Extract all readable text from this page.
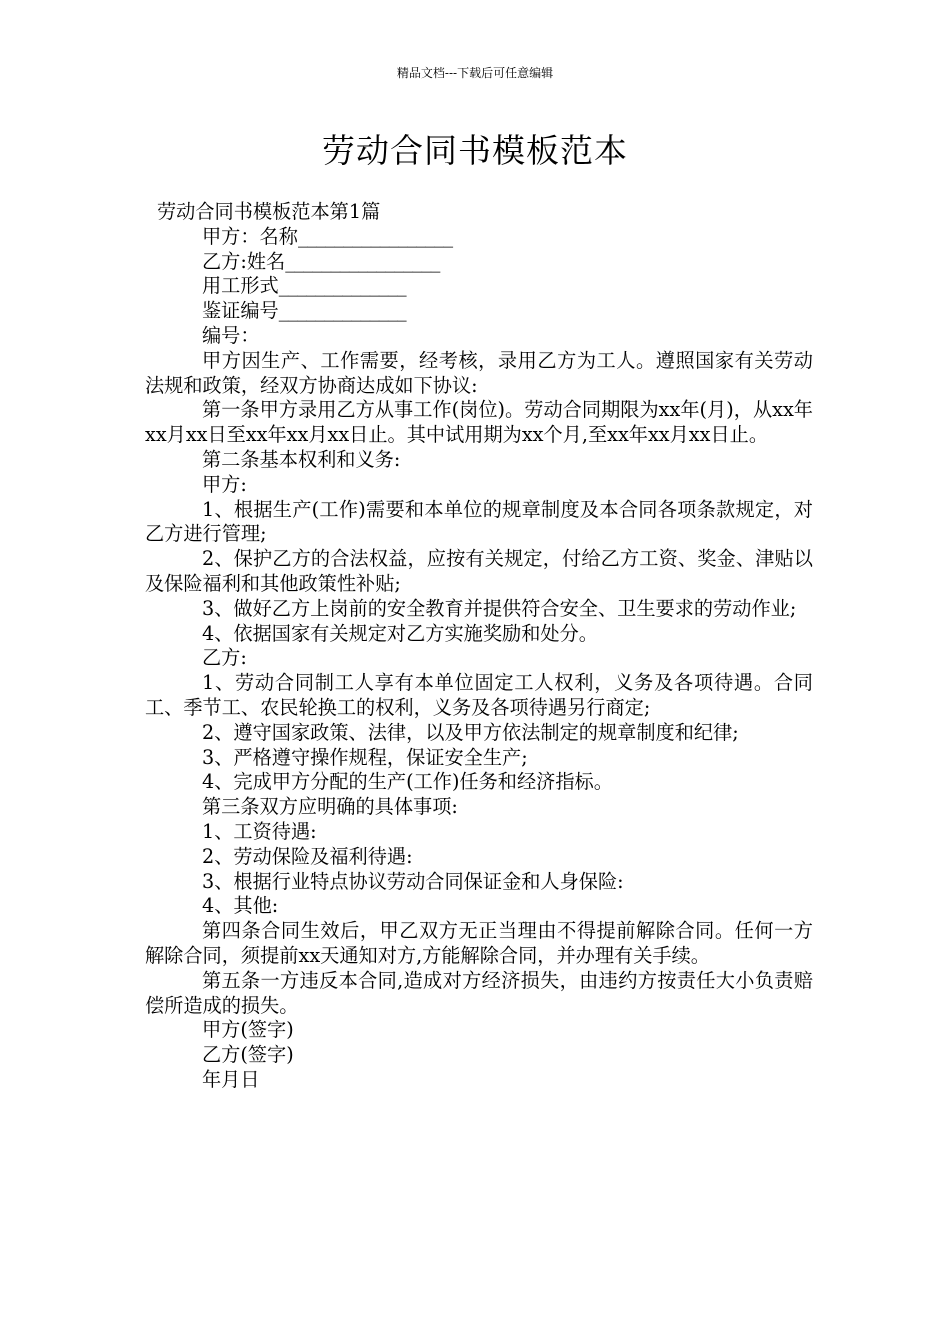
精品文档---下载后可任意编辑
劳动合同书模板范本

劳动合同书模板范本第1篇

甲方：名称_________________

乙方:姓名_________________

用工形式______________

鉴证编号______________

编号：

甲方因生产、工作需要，经考核，录用乙方为工人。遵照国家有关劳动法规和政策，经双方协商达成如下协议:

第一条甲方录用乙方从事工作(岗位)。劳动合同期限为xx年(月)，从xx年xx月xx日至xx年xx月xx日止。其中试用期为xx个月,至xx年xx月xx日止。

第二条基本权利和义务:

甲方:

1、根据生产(工作)需要和本单位的规章制度及本合同各项条款规定，对乙方进行管理;

2、保护乙方的合法权益，应按有关规定，付给乙方工资、奖金、津贴以及保险福利和其他政策性补贴;

3、做好乙方上岗前的安全教育并提供符合安全、卫生要求的劳动作业;

4、依据国家有关规定对乙方实施奖励和处分。

乙方:

1、劳动合同制工人享有本单位固定工人权利，义务及各项待遇。合同工、季节工、农民轮换工的权利，义务及各项待遇另行商定;

2、遵守国家政策、法律，以及甲方依法制定的规章制度和纪律;

3、严格遵守操作规程，保证安全生产;

4、完成甲方分配的生产(工作)任务和经济指标。

第三条双方应明确的具体事项:

1、工资待遇:

2、劳动保险及福利待遇:

3、根据行业特点协议劳动合同保证金和人身保险:

4、其他:

第四条合同生效后，甲乙双方无正当理由不得提前解除合同。任何一方解除合同，须提前xx天通知对方,方能解除合同，并办理有关手续。

第五条一方违反本合同,造成对方经济损失，由违约方按责任大小负责赔偿所造成的损失。

甲方(签字)

乙方(签字)

年月日
